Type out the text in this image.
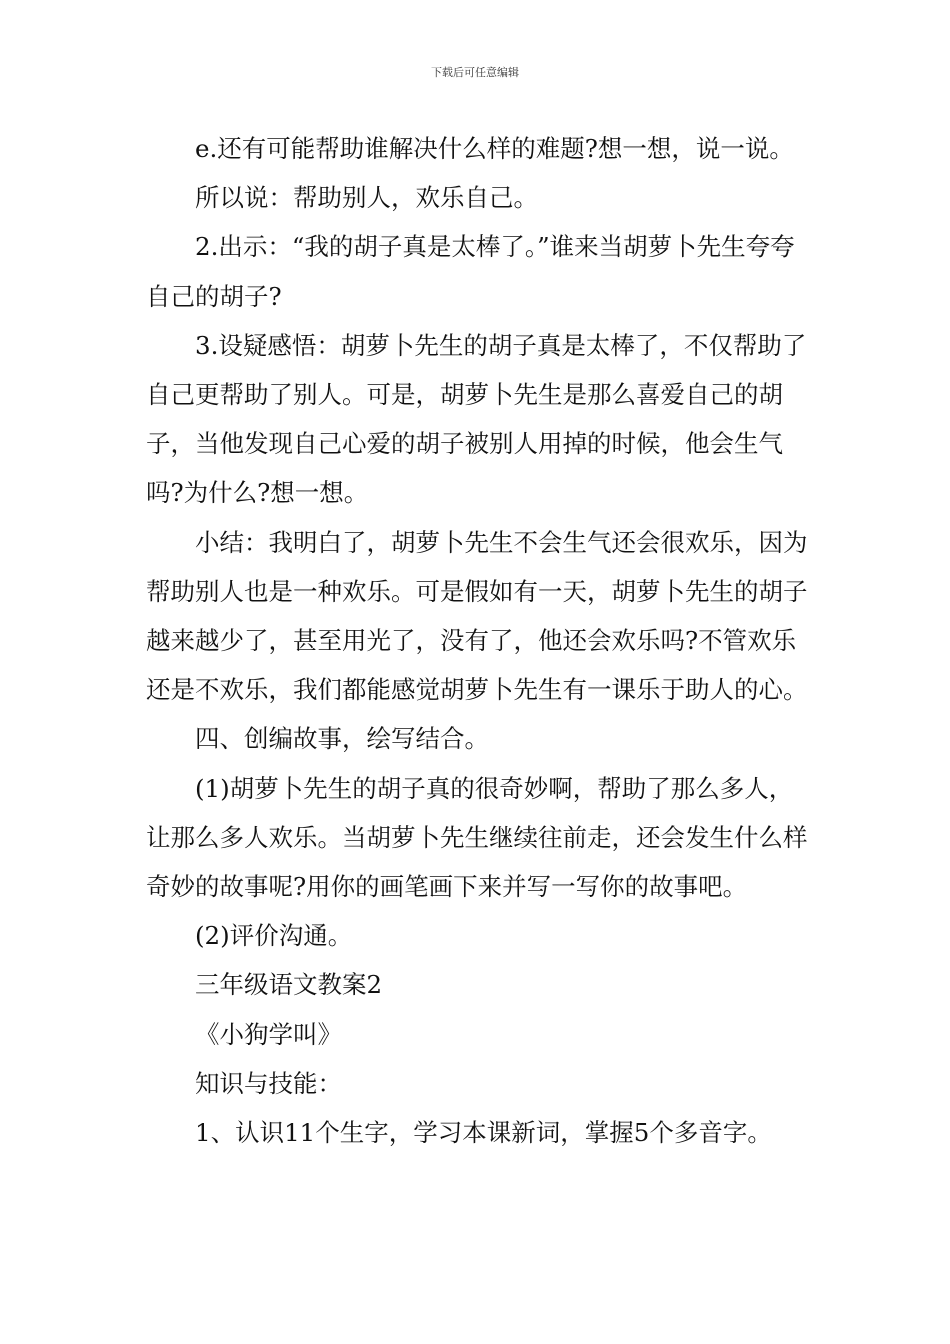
下载后可任意编辑

e.还有可能帮助谁解决什么样的难题?想一想，说一说。

所以说：帮助别人，欢乐自己。

2.出示：“我的胡子真是太棒了。”谁来当胡萝卜先生夸夸自己的胡子?

3.设疑感悟：胡萝卜先生的胡子真是太棒了，不仅帮助了自己更帮助了别人。可是，胡萝卜先生是那么喜爱自己的胡子，当他发现自己心爱的胡子被别人用掉的时候，他会生气吗?为什么?想一想。

小结：我明白了，胡萝卜先生不会生气还会很欢乐，因为帮助别人也是一种欢乐。可是假如有一天，胡萝卜先生的胡子越来越少了，甚至用光了，没有了，他还会欢乐吗?不管欢乐还是不欢乐，我们都能感觉胡萝卜先生有一课乐于助人的心。

四、创编故事，绘写结合。

(1)胡萝卜先生的胡子真的很奇妙啊，帮助了那么多人，让那么多人欢乐。当胡萝卜先生继续往前走，还会发生什么样奇妙的故事呢?用你的画笔画下来并写一写你的故事吧。

(2)评价沟通。

三年级语文教案2

《小狗学叫》

知识与技能：

1、认识11个生字，学习本课新词，掌握5个多音字。
